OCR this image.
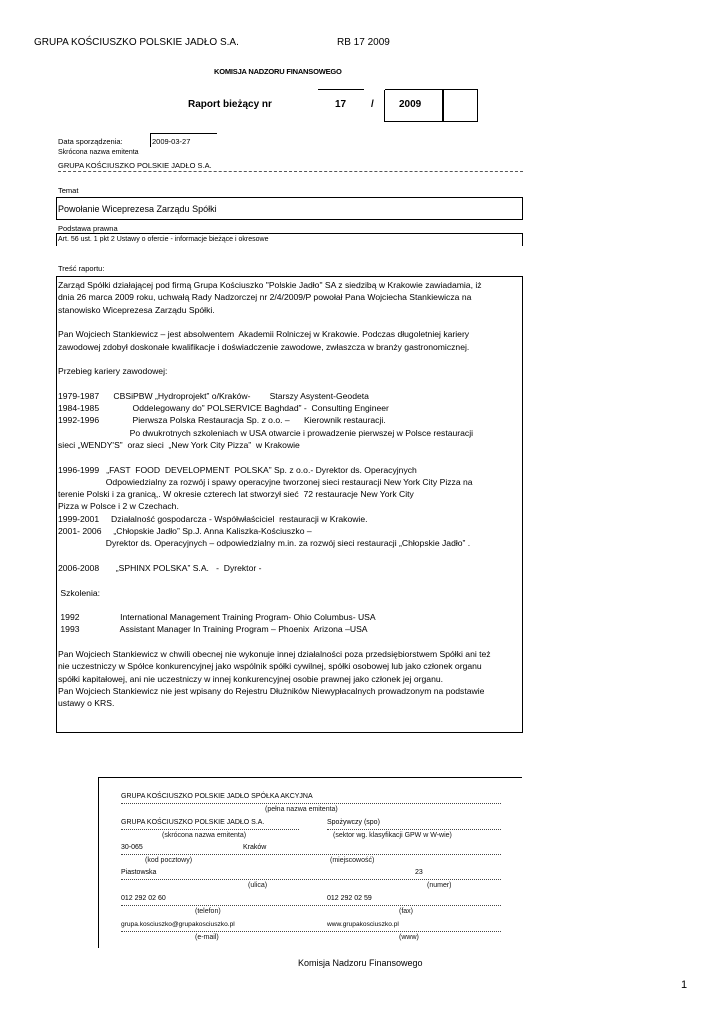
GRUPA KOŚCIUSZKO POLSKIE JADŁO S.A.	RB 17 2009
KOMISJA NADZORU FINANSOWEGO
Raport bieżący nr	17 /	2009
Data sporządzenia:	2009-03-27
Skrócona nazwa emitenta
GRUPA KOŚCIUSZKO POLSKIE JADŁO S.A.
Temat
Powołanie Wiceprezesa Zarządu Spółki
Podstawa prawna
Art. 56 ust. 1 pkt 2 Ustawy o ofercie - informacje bieżące i okresowe
Treść raportu:
Zarząd Spółki działającej pod firmą Grupa Kościuszko "Polskie Jadło" SA z siedzibą w Krakowie zawiadamia, iż
dnia 26 marca 2009 roku, uchwałą Rady Nadzorczej nr 2/4/2009/P powołał Pana Wojciecha Stankiewicza na
stanowisko Wiceprezesa Zarządu Spółki.
Pan Wojciech Stankiewicz – jest absolwentem  Akademii Rolniczej w Krakowie. Podczas długoletniej kariery
zawodowej zdobył doskonałe kwalifikacje i doświadczenie zawodowe, zwłaszcza w branży gastronomicznej.
Przebieg kariery zawodowej:
1979-1987      CBSiPBW „Hydroprojekt” o/Kraków-        Starszy Asystent-Geodeta
1984-1985              Oddelegowany do” POLSERVICE Baghdad” -  Consulting Engineer
1992-1996              Pierwsza Polska Restauracja Sp. z o.o. –      Kierownik restauracji.
Po dwukrotnych szkoleniach w USA otwarcie i prowadzenie pierwszej w Polsce restauracji
sieci „WENDY'S”  oraz sieci  „New York City Pizza”  w Krakowie
1996-1999   „FAST  FOOD  DEVELOPMENT  POLSKA” Sp. z o.o.- Dyrektor ds. Operacyjnych
Odpowiedzialny za rozwój i spawy operacyjne tworzonej sieci restauracji New York City Pizza na
terenie Polski i za granicą,. W okresie czterech lat stworzył sieć  72 restauracje New York City
Pizza w Polsce i 2 w Czechach.
1999-2001     Działalność gospodarcza - Współwłaściciel  restauracji w Krakowie.
2001- 2006     „Chłopskie Jadło” Sp.J. Anna Kaliszka-Kościuszko –
Dyrektor ds. Operacyjnych – odpowiedzialny m.in. za rozwój sieci restauracji „Chłopskie Jadło” .
2006-2008       „SPHINX POLSKA” S.A.   -  Dyrektor -
Szkolenia:
1992                 International Management Training Program- Ohio Columbus- USA
1993                 Assistant Manager In Training Program – Phoenix  Arizona –USA
Pan Wojciech Stankiewicz w chwili obecnej nie wykonuje innej działalności poza przedsiębiorstwem Spółki ani też
nie uczestniczy w Spółce konkurencyjnej jako wspólnik spółki cywilnej, spółki osobowej lub jako członek organu
spółki kapitałowej, ani nie uczestniczy w innej konkurencyjnej osobie prawnej jako członek jej organu.
Pan Wojciech Stankiewicz nie jest wpisany do Rejestru Dłużników Niewypłacalnych prowadzonym na podstawie
ustawy o KRS.
GRUPA KOŚCIUSZKO POLSKIE JADŁO SPÓŁKA AKCYJNA
(pełna nazwa emitenta)
GRUPA KOŚCIUSZKO POLSKIE JADŁO S.A.
(skrócona nazwa emitenta)
Spożywczy (spo)
(sektor wg. klasyfikacji GPW w W-wie)
30-065	Kraków
(kod pocztowy)	(miejscowość)
Piastowska	23
(ulica)	(numer)
012 292 02 60	012 292 02 59
(telefon)	(fax)
grupa.kosciuszko@grupakosciuszko.pl	www.grupakosciuszko.pl
(e-mail)	(www)
Komisja Nadzoru Finansowego
1
